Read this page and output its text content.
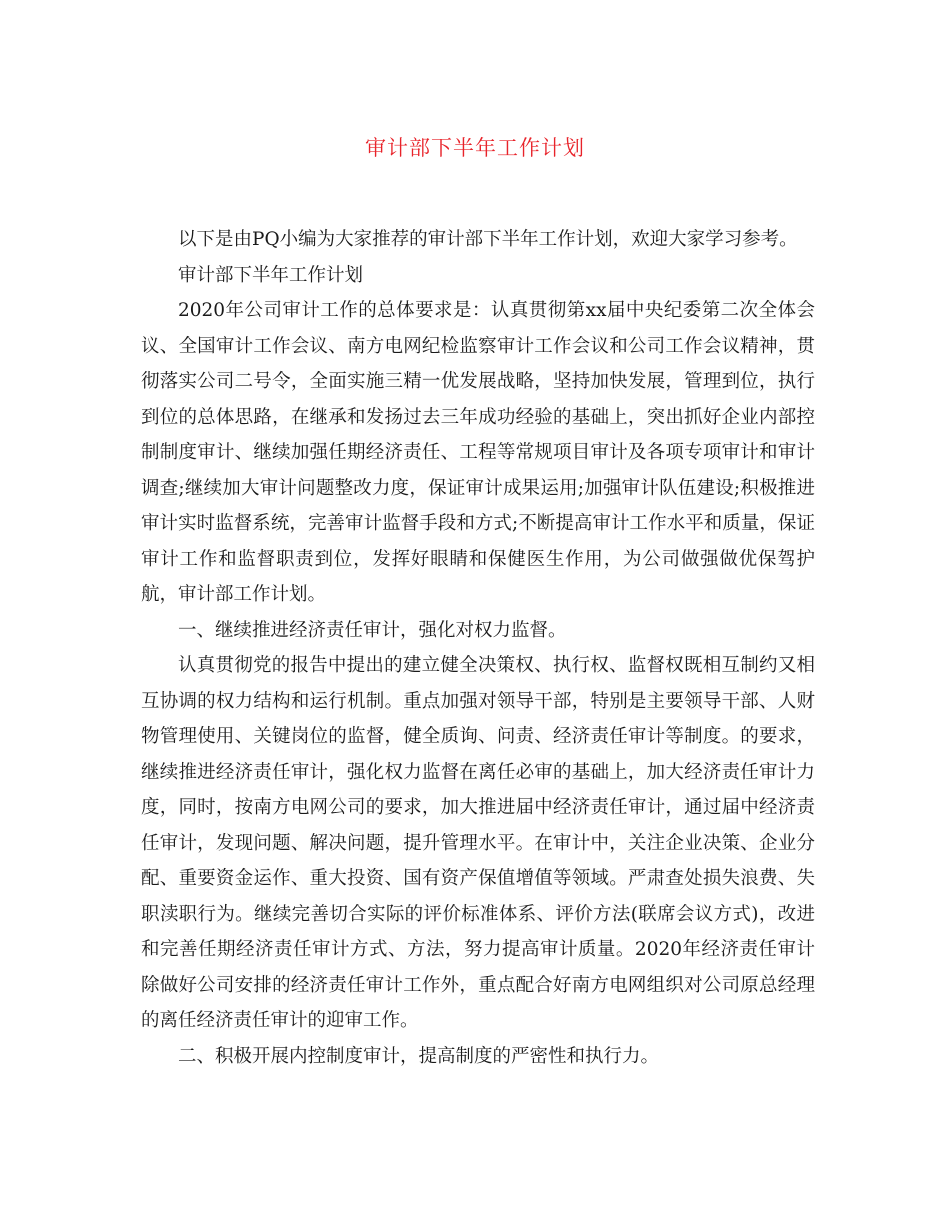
审计部下半年工作计划

以下是由PQ小编为大家推荐的审计部下半年工作计划，欢迎大家学习参考。

审计部下半年工作计划

2020年公司审计工作的总体要求是：认真贯彻第xx届中央纪委第二次全体会议、全国审计工作会议、南方电网纪检监察审计工作会议和公司工作会议精神，贯彻落实公司二号令，全面实施三精一优发展战略，坚持加快发展，管理到位，执行到位的总体思路，在继承和发扬过去三年成功经验的基础上，突出抓好企业内部控制制度审计、继续加强任期经济责任、工程等常规项目审计及各项专项审计和审计调查;继续加大审计问题整改力度，保证审计成果运用;加强审计队伍建设;积极推进审计实时监督系统，完善审计监督手段和方式;不断提高审计工作水平和质量，保证审计工作和监督职责到位，发挥好眼睛和保健医生作用，为公司做强做优保驾护航，审计部工作计划。

一、继续推进经济责任审计，强化对权力监督。

认真贯彻党的报告中提出的建立健全决策权、执行权、监督权既相互制约又相互协调的权力结构和运行机制。重点加强对领导干部，特别是主要领导干部、人财物管理使用、关键岗位的监督，健全质询、问责、经济责任审计等制度。的要求，继续推进经济责任审计，强化权力监督在离任必审的基础上，加大经济责任审计力度，同时，按南方电网公司的要求，加大推进届中经济责任审计，通过届中经济责任审计，发现问题、解决问题，提升管理水平。在审计中，关注企业决策、企业分配、重要资金运作、重大投资、国有资产保值增值等领域。严肃查处损失浪费、失职渎职行为。继续完善切合实际的评价标准体系、评价方法(联席会议方式)，改进和完善任期经济责任审计方式、方法，努力提高审计质量。2020年经济责任审计除做好公司安排的经济责任审计工作外，重点配合好南方电网组织对公司原总经理的离任经济责任审计的迎审工作。

二、积极开展内控制度审计，提高制度的严密性和执行力。
